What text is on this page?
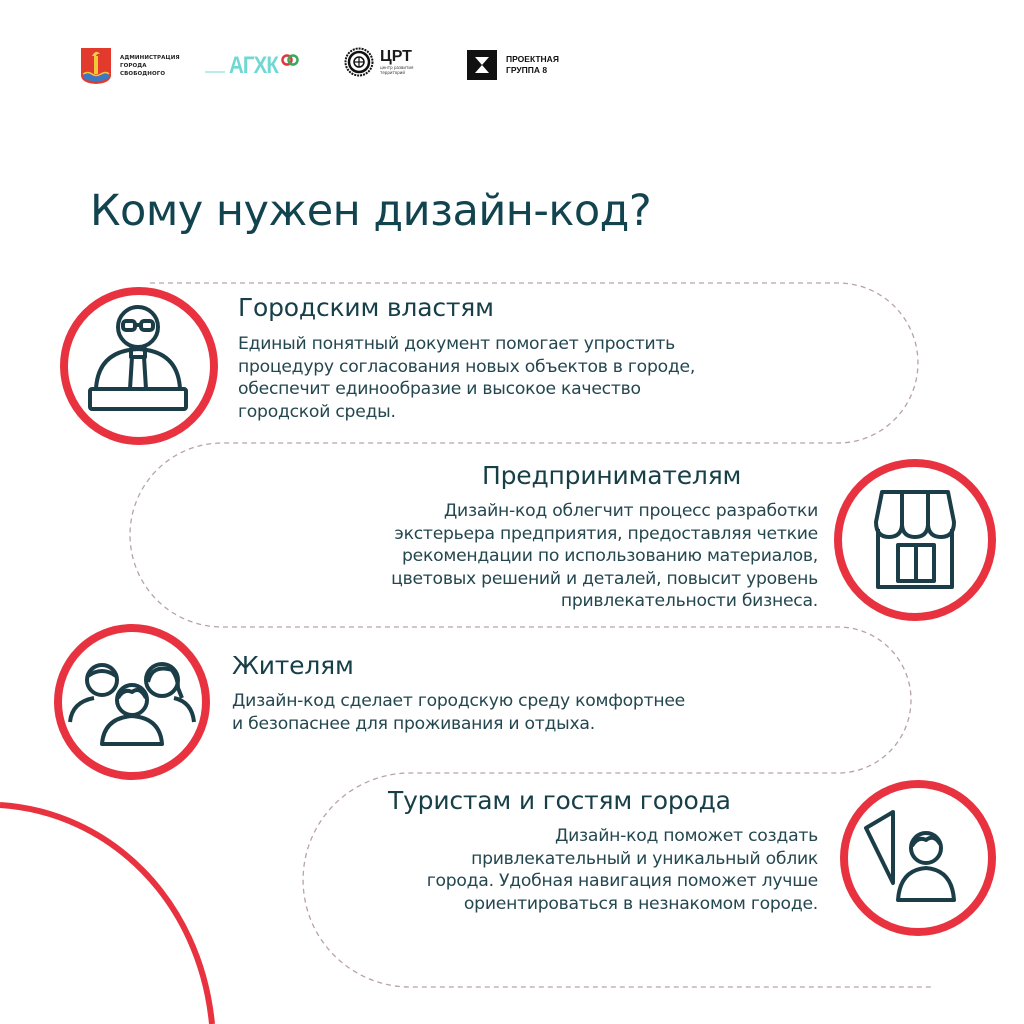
АДМИНИСТРАЦИЯ
ГОРОДА
СВОБОДНОГО	АГХК	ЦРТ
центр развития
территорий
ПРОЕКТНАЯ
ГРУППА 8
Кому нужен дизайн-код?
Городским властям
Единый понятный документ помогает упростить
процедуру согласования новых объектов в городе,
обеспечит единообразие и высокое качество
городской среды.
Предпринимателям
Дизайн-код облегчит процесс разработки
экстерьера предприятия, предоставляя четкие
рекомендации по использованию материалов,
цветовых решений и деталей, повысит уровень
привлекательности бизнеса.
Жителям
Дизайн-код сделает городскую среду комфортнее
и безопаснее для проживания и отдыха.
Туристам и гостям города
Дизайн-код поможет создать
привлекательный и уникальный облик
города. Удобная навигация поможет лучше
ориентироваться в незнакомом городе.
